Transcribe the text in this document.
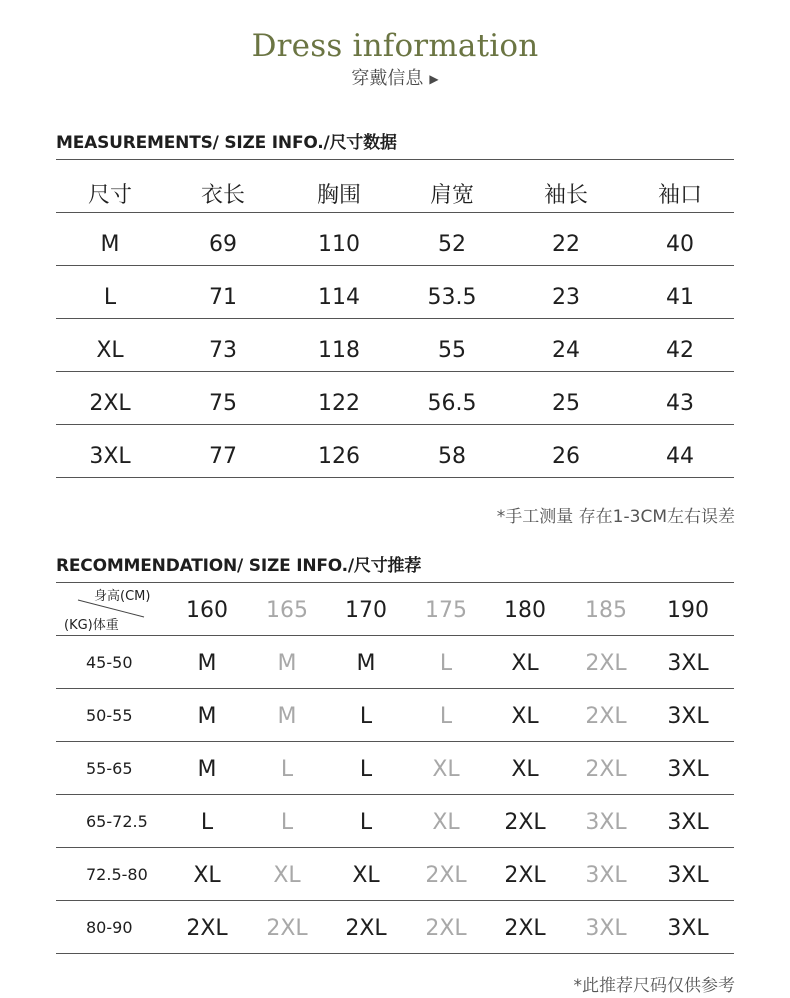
Dress information
穿戴信息 ▶
MEASUREMENTS/ SIZE INFO./尺寸数据
尺寸	衣长	胸围	肩宽	袖长	袖口
M	69	110	52	22	40
L	71	114	53.5	23	41
XL	73	118	55	24	42
2XL	75	122	56.5	25	43
3XL	77	126	58	26	44
*手工测量 存在1-3CM左右误差
RECOMMENDATION/ SIZE INFO./尺寸推荐
身高(CM)
(KG)体重
160 165 170 175 180 185 190
45-50	M	M	M	L	XL 2XL 3XL
50-55	M	M	L	L	XL 2XL 3XL
55-65	M	L	L	XL XL 2XL 3XL
65-72.5 L	L	L	XL 2XL 3XL 3XL
72.5-80 XL XL XL 2XL 2XL 3XL 3XL
80-90 2XL 2XL 2XL 2XL 2XL 3XL 3XL
*此推荐尺码仅供参考
